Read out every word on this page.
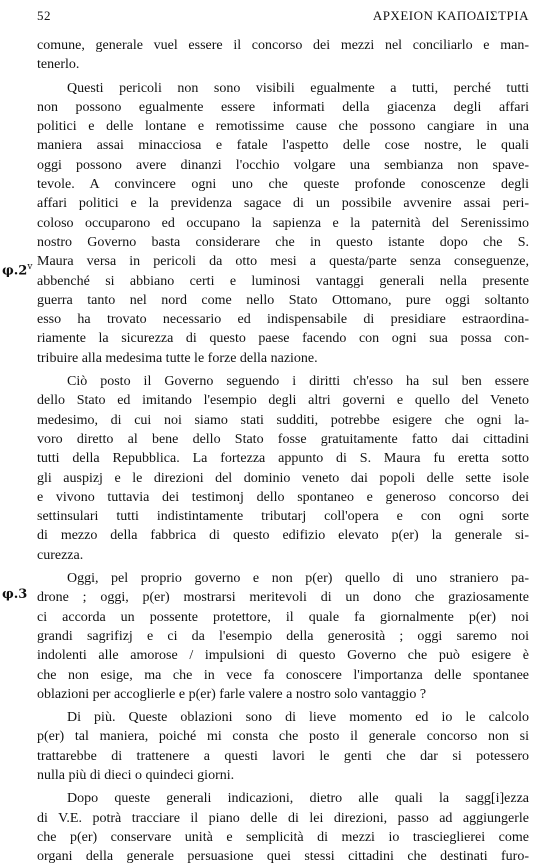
52	ΑΡΧΕΙΟΝ ΚΑΠΟΔΙΣΤΡΙΑ
φ.2$^v$
φ.3
comune, generale vuel essere il concorso dei mezzi nel conciliarlo e man-
tenerlo.
Questi pericoli non sono visibili egualmente a tutti, perché tutti
non possono egualmente essere informati della giacenza degli affari
politici e delle lontane e remotissime cause che possono cangiare in una
maniera assai minacciosa e fatale l'aspetto delle cose nostre, le quali
oggi possono avere dinanzi l'occhio volgare una sembianza non spave-
tevole. A convincere ogni uno che queste profonde conoscenze degli
affari politici e la previdenza sagace di un possibile avvenire assai peri-
coloso occuparono ed occupano la sapienza e la paternità del Serenissimo
nostro Governo basta considerare che in questo istante dopo che S.
Maura versa in pericoli da otto mesi a questa/parte senza conseguenze,
abbenché si abbiano certi e luminosi vantaggi generali nella presente
guerra tanto nel nord come nello Stato Ottomano, pure oggi soltanto
esso ha trovato necessario ed indispensabile di presidiare estraordina-
riamente la sicurezza di questo paese facendo con ogni sua possa con-
tribuire alla medesima tutte le forze della nazione.
Ciò posto il Governo seguendo i diritti ch'esso ha sul ben essere
dello Stato ed imitando l'esempio degli altri governi e quello del Veneto
medesimo, di cui noi siamo stati sudditi, potrebbe esigere che ogni la-
voro diretto al bene dello Stato fosse gratuitamente fatto dai cittadini
tutti della Repubblica. La fortezza appunto di S. Maura fu eretta sotto
gli auspizj e le direzioni del dominio veneto dai popoli delle sette isole
e vivono tuttavia dei testimonj dello spontaneo e generoso concorso dei
settinsulari tutti indistintamente tributarj coll'opera e con ogni sorte
di mezzo della fabbrica di questo edifizio elevato p(er) la generale si-
curezza.
Oggi, pel proprio governo e non p(er) quello di uno straniero pa-
drone ; oggi, p(er) mostrarsi meritevoli di un dono che graziosamente
ci accorda un possente protettore, il quale fa giornalmente p(er) noi
grandi sagrifizj e ci da l'esempio della generosità ; oggi saremo noi
indolenti alle amorose / impulsioni di questo Governo che può esigere è
che non esige, ma che in vece fa conoscere l'importanza delle spontanee
oblazioni per accoglierle e p(er) farle valere a nostro solo vantaggio ?
Di più. Queste oblazioni sono di lieve momento ed io le calcolo
p(er) tal maniera, poiché mi consta che posto il generale concorso non si
trattarebbe di trattenere a questi lavori le genti che dar si potessero
nulla più di dieci o quindeci giorni.
Dopo queste generali indicazioni, dietro alle quali la sagg[i]ezza
di V.E. potrà tracciare il piano delle di lei direzioni, passo ad aggiungerle
che p(er) conservare unità e semplicità di mezzi io trascieglierei come
organi della generale persuasione quei stessi cittadini che destinati furo-
